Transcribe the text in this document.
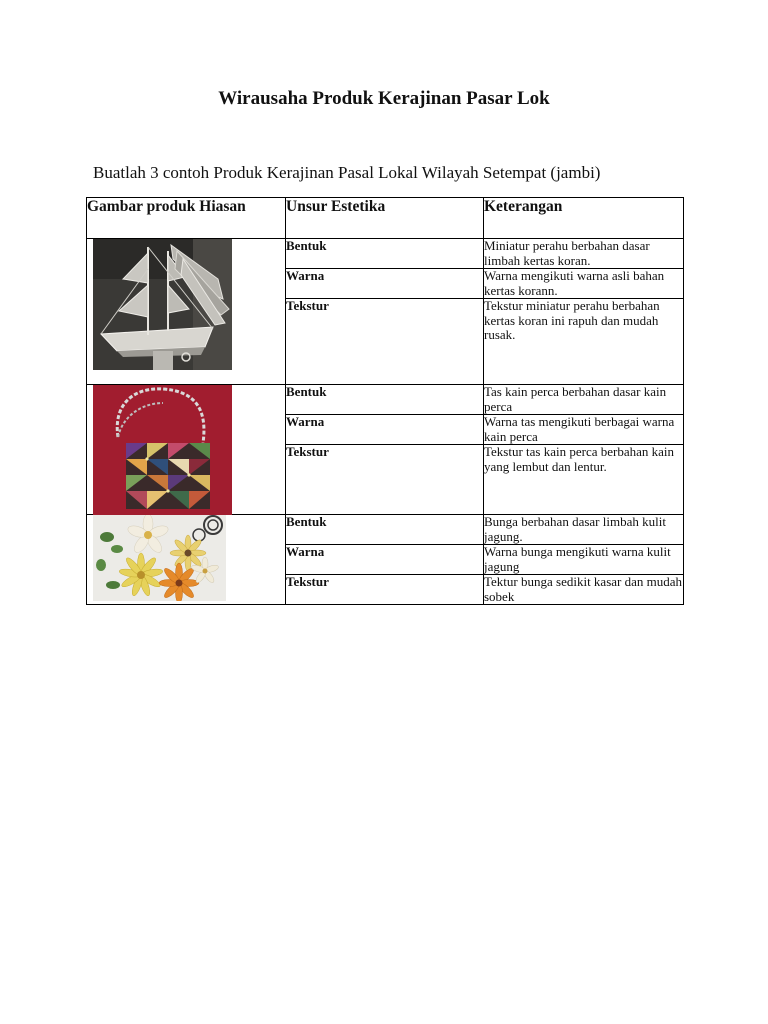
Wirausaha Produk Kerajinan Pasar Lok

Buatlah 3 contoh Produk Kerajinan Pasal Lokal Wilayah Setempat (jambi)

Gambar produk Hiasan	Unsur Estetika	Keterangan

	Bentuk	Miniatur perahu berbahan dasar limbah kertas koran.
	Warna	Warna mengikuti warna asli bahan kertas korann.
	Tekstur	Tekstur miniatur perahu berbahan kertas koran ini rapuh dan mudah rusak.

	Bentuk	Tas kain perca berbahan dasar kain perca
	Warna	Warna tas mengikuti berbagai warna kain perca
	Tekstur	Tekstur tas kain perca berbahan kain yang lembut dan lentur.

	Bentuk	Bunga berbahan dasar limbah kulit jagung.
	Warna	Warna bunga mengikuti warna kulit jagung
	Tekstur	Tektur bunga sedikit kasar dan mudah sobek
